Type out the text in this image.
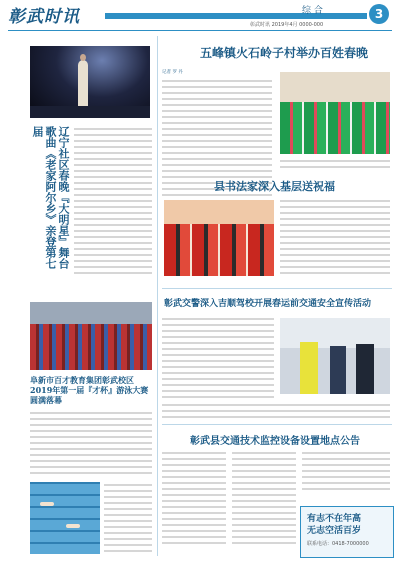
彰武时讯	综 合
彰武时讯 2019年4月 0000-000
3
辽宁社区春晚『大明星』舞台歌曲《老家阿尔乡》亲登第七届
阜新市百才教育集团彰武校区2019年第一届『才杯』游泳大赛圆满落幕
五峰镇火石岭子村举办百姓春晚
记者 罗 丹
县书法家深入基层送祝福
彰武交警深入吉顺驾校开展春运前交通安全宣传活动
彰武县交通技术监控设备设置地点公告
有志不在年高
无志空活百岁
联系电话：0418-7000000
